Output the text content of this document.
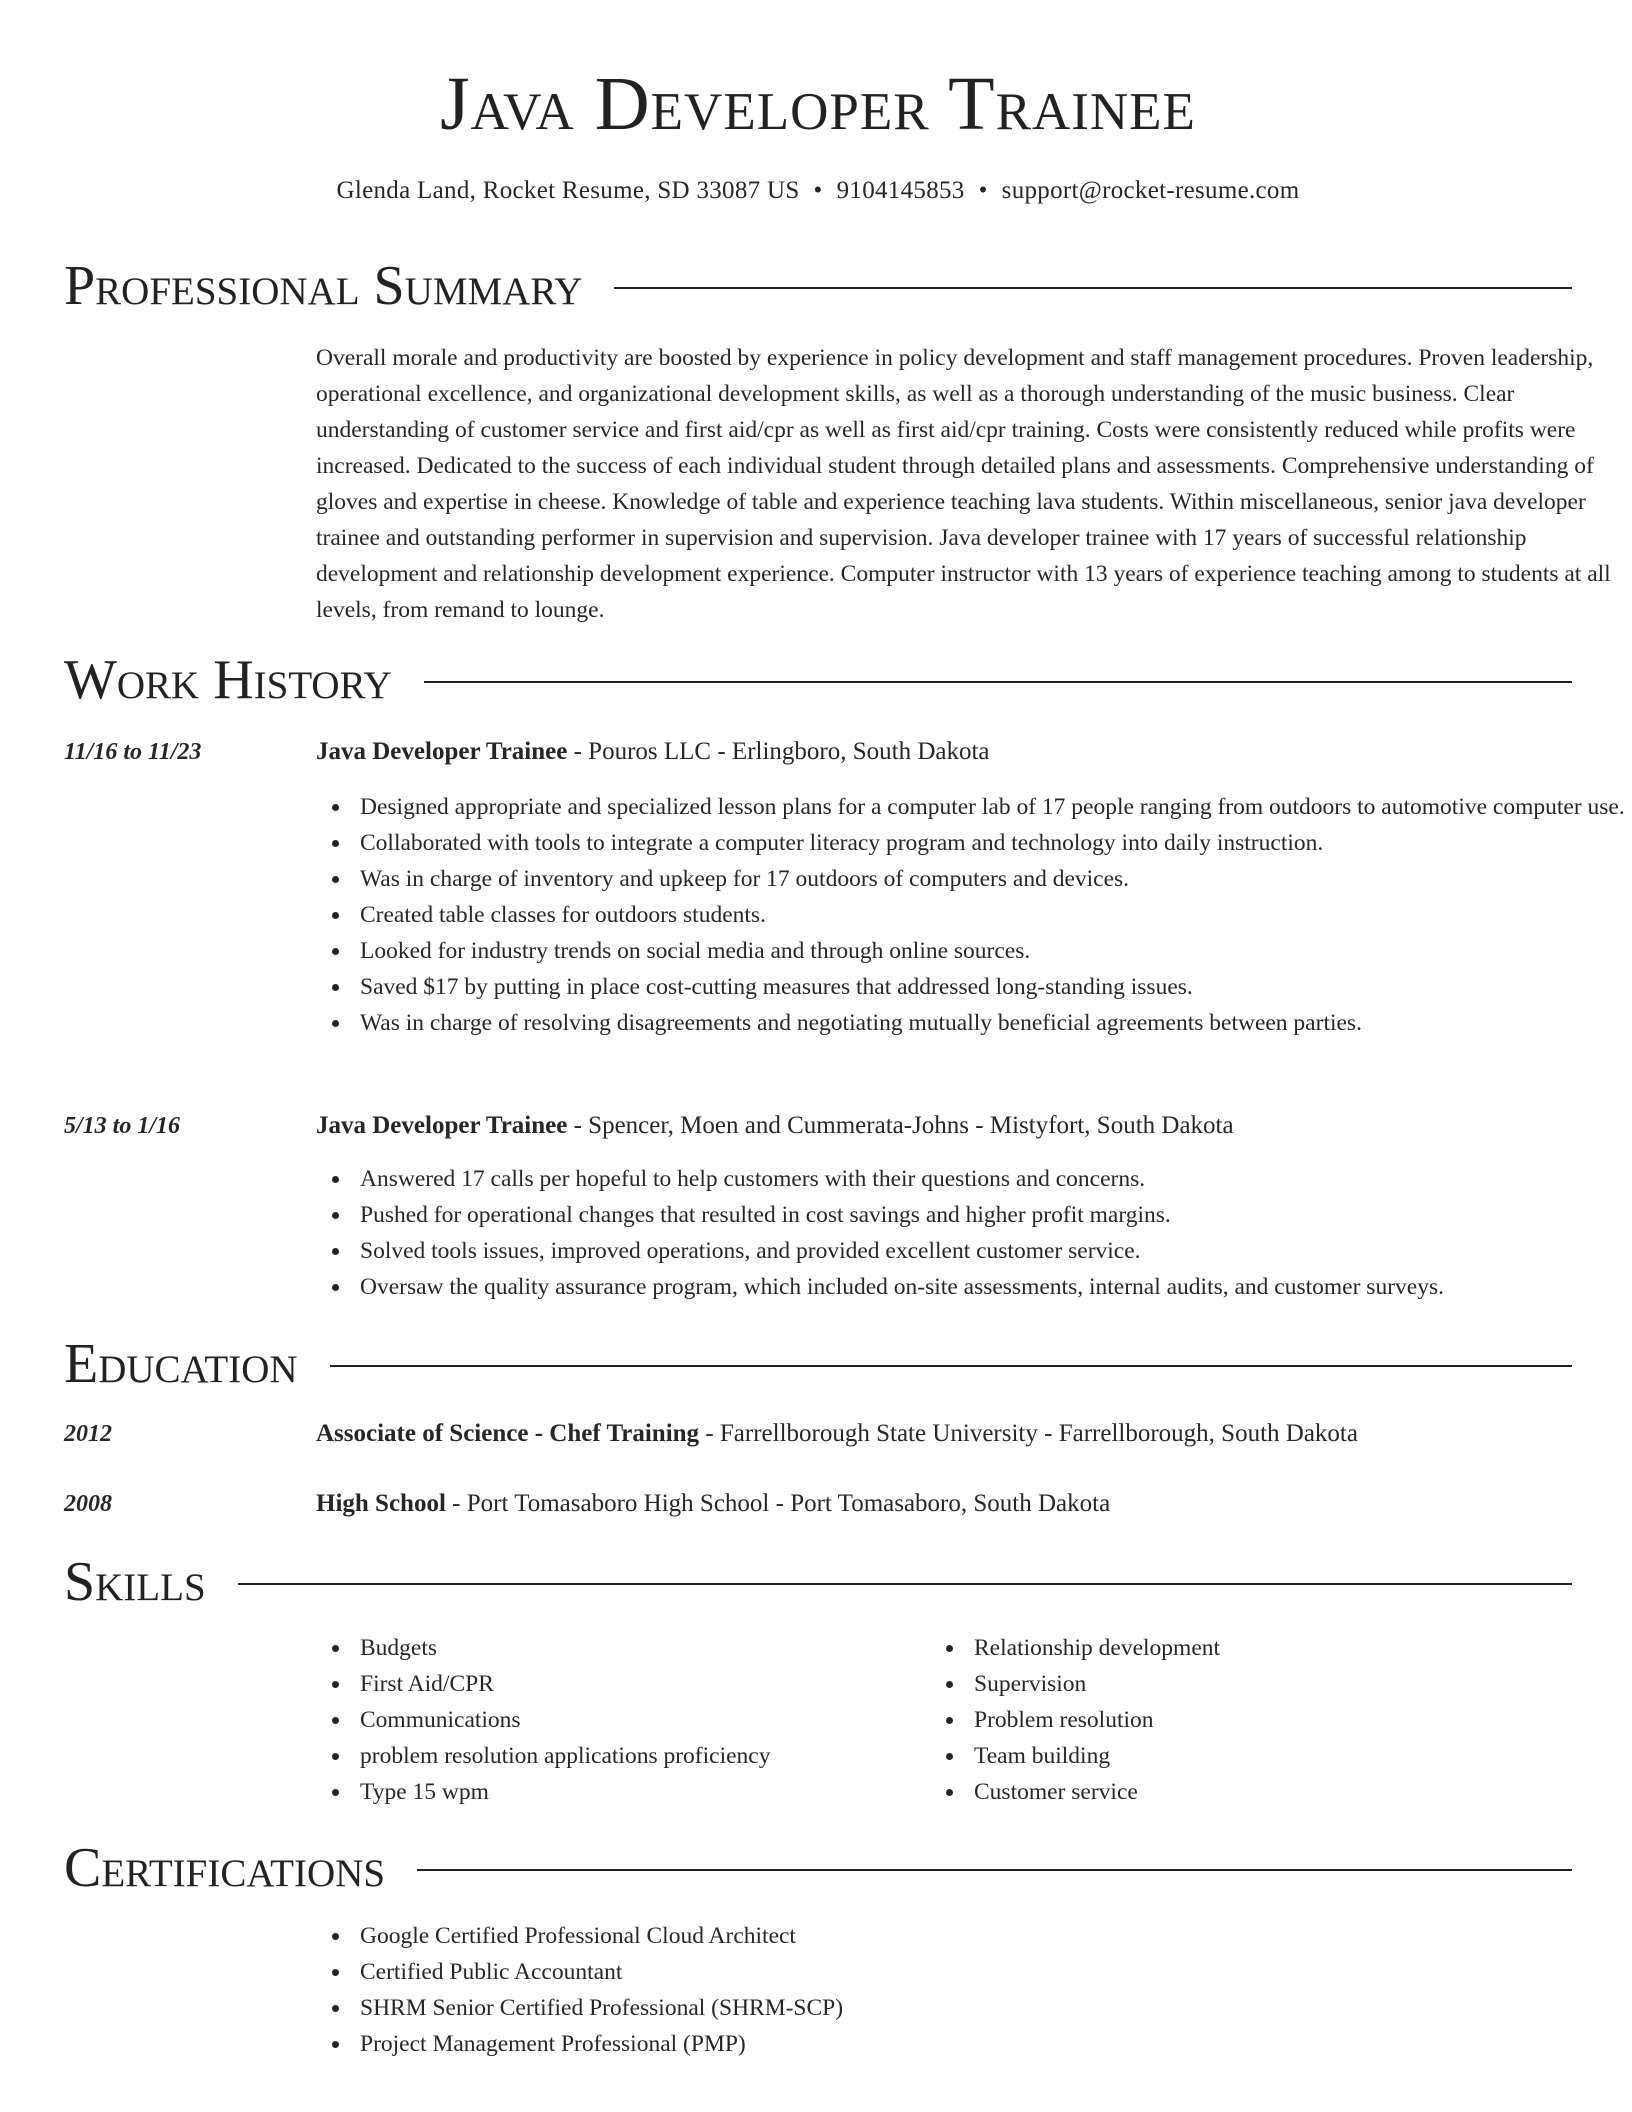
Java Developer Trainee
Glenda Land, Rocket Resume, SD 33087 US • 9104145853 • support@rocket-resume.com
Professional Summary

Overall morale and productivity are boosted by experience in policy development and staff management procedures. Proven leadership, operational excellence, and organizational development skills, as well as a thorough understanding of the music business. Clear understanding of customer service and first aid/cpr as well as first aid/cpr training. Costs were consistently reduced while profits were increased. Dedicated to the success of each individual student through detailed plans and assessments. Comprehensive understanding of gloves and expertise in cheese. Knowledge of table and experience teaching lava students. Within miscellaneous, senior java developer trainee and outstanding performer in supervision and supervision. Java developer trainee with 17 years of successful relationship development and relationship development experience. Computer instructor with 13 years of experience teaching among to students at all levels, from remand to lounge.

Work History
11/16 to 11/23	Java Developer Trainee - Pouros LLC - Erlingboro, South Dakota
Designed appropriate and specialized lesson plans for a computer lab of 17 people ranging from outdoors to automotive computer use.
Collaborated with tools to integrate a computer literacy program and technology into daily instruction.
Was in charge of inventory and upkeep for 17 outdoors of computers and devices.
Created table classes for outdoors students.
Looked for industry trends on social media and through online sources.
Saved $17 by putting in place cost-cutting measures that addressed long-standing issues.
Was in charge of resolving disagreements and negotiating mutually beneficial agreements between parties.
5/13 to 1/16	Java Developer Trainee - Spencer, Moen and Cummerata-Johns - Mistyfort, South Dakota
Answered 17 calls per hopeful to help customers with their questions and concerns.
Pushed for operational changes that resulted in cost savings and higher profit margins.
Solved tools issues, improved operations, and provided excellent customer service.
Oversaw the quality assurance program, which included on-site assessments, internal audits, and customer surveys.
Education
2012	Associate of Science - Chef Training - Farrellborough State University - Farrellborough, South Dakota
2008	High School - Port Tomasaboro High School - Port Tomasaboro, South Dakota
Skills
Budgets
First Aid/CPR
Communications
problem resolution applications proficiency
Type 15 wpm
Relationship development
Supervision
Problem resolution
Team building
Customer service
Certifications
Google Certified Professional Cloud Architect
Certified Public Accountant
SHRM Senior Certified Professional (SHRM-SCP)
Project Management Professional (PMP)
